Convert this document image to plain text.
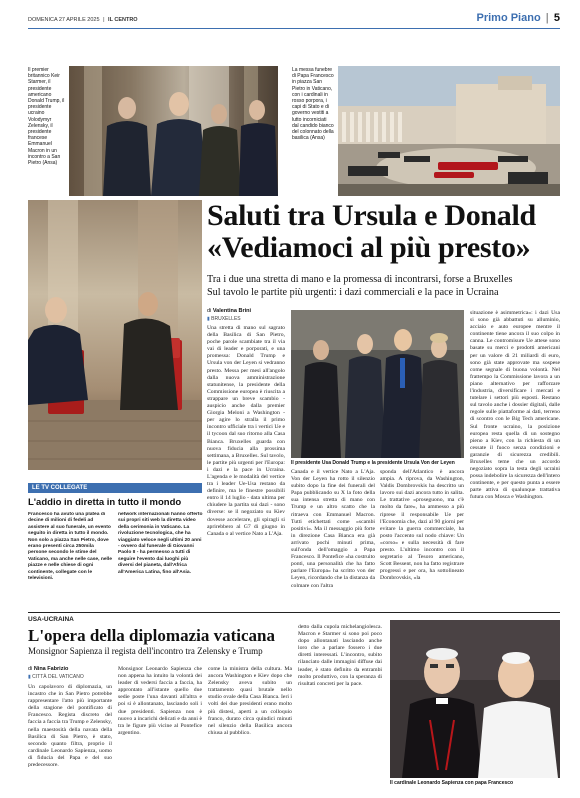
DOMENICA 27 APRILE 2025 | IL CENTRO	Primo Piano | 5
Il premier britannico Keir Starmer, il presidente americano Donald Trump, il presidente ucraino Volodymyr Zelensky, il presidente francese Emmanuel Macron in un incontro a San Pietro (Ansa)
La messa funebre di Papa Francesco in piazza San Pietro in Vaticano, con i cardinali in rosso porpora, i capi di Stato e di governo vestiti a lutto incorniciati dal candido bianco del colonnato della basilica (Ansa)
Saluti tra Ursula e Donald
«Vediamoci al più presto»
Tra i due una stretta di mano e la promessa di incontrarsi, forse a Bruxelles
Sul tavolo le partite più urgenti: i dazi commerciali e la pace in Ucraina
di Valentina Brini
▮ BRUXELLES
Una stretta di mano sul sagrato della Basilica di San Pietro, poche parole scambiate tra il via vai di leader e porporati, e una promessa: Donald Trump e Ursula von der Leyen si vedranno presto. Messa per mesi all'angolo dalla nuova amministrazione statunitense, la presidente della Commissione europea è riuscita a strappare un breve scambio - auspicio anche dalla premier Giorgia Meloni a Washington - per agire lo stralla il primo incontro ufficiale tra i vertici Ue e il tycoon dal suo ritorno alla Casa Bianca. Bruxelles guarda con nuova fiducia alla prossima settimana, a Bruxelles. Sul tavolo, le partite più urgenti per l'Europa: i dazi e la pace in Ucraina. L'agenda e le modalità del vertice tra i leader Ue-Usa restano da definire, ma le finestre possibili entro il 14 luglio - data ultima per chiudere la partita sui dazi - sono diverse: se il negoziato su Kiev dovesse accelerare, gli spiragli si aprirebbero al G7 di giugno in Canada o al vertice Nato a L'Aja.
Il presidente Usa Donald Trump e la presidente Ursula Von der Leyen
Canada e il vertice Nato a L'Aja. Von der Leyen ha rotto il silenzio subito dopo la fine dei funerali del Papa pubblicando su X la foto della sua intensa stretta di mano con Trump e un altro scatto che la ritraeva con Emmanuel Macron. Tutti etichettati come «scambi positivi». Ma il messaggio più forte in direzione Casa Bianca era già arrivato pochi minuti prima, sull'onda dell'omaggio a Papa Francesco. Il Pontefice «ha costruito ponti, una personalità che ha fatto parlare l'Europa» ha scritto von der Leyen, ricordando che la distanza da colmare con l'altra
sponda dell'Atlantico è ancora ampia. A riprova, da Washington, Valdis Dombrovskis ha descritto un lavoro sui dazi ancora tutto in salita. Le trattative «proseguono, ma c'è molto da fare», ha ammesso a più riprese il responsabile Ue per l'Economia che, dazi al 90 giorni per evitare la guerra commerciale, ha posto l'accento sul nodo chiave: Un «corso» e sulla necessità di fare presto. L'ultimo incontro con il segretario al Tesoro americano, Scott Bessent, non ha fatto registrare progressi e per ora, ha sottolineato Dombrovskis, «la
situazione è asimmetrica»: i dazi Usa si sono già abbattuti su alluminio, acciaio e auto europee mentre il continente tiene ancora il suo colpo in canna. Le contromisure Ue attese sono basate su merci e prodotti americani per un valore di 21 miliardi di euro, sono già state approvate ma sospese come segnale di buona volontà. Nel frattempo la Commissione lavora a un piano alternativo per rafforzare l'industria, diversificare i mercati e tutelare i settori più esposti. Restano sul tavolo anche i dossier digitali, dalle regole sulle piattaforme ai dati, terreno di scontro con le Big Tech americane. Sul fronte ucraino, la posizione europea resta quella di un sostegno pieno a Kiev, con la richiesta di un cessate il fuoco senza condizioni e garanzie di sicurezza credibili. Bruxelles teme che un accordo negoziato sopra la testa degli ucraini possa indebolire la sicurezza dell'intero continente, e per questo punta a essere parte attiva di qualunque trattativa futura con Mosca e Washington.
LE TV COLLEGATE
L'addio in diretta in tutto il mondo
Francesco ha avuto una platea di decine di milioni di fedeli ad assistere al suo funerale, un evento seguito in diretta in tutto il mondo. Non solo a piazza San Pietro, dove erano presenti circa 250mila persone secondo le stime del Vaticano, ma anche nelle case, nelle piazze e nelle chiese di ogni continente, collegate con le televisioni.
network internazionali hanno offerto sui propri siti web la diretta video della cerimonia in Vaticano. La rivoluzione tecnologica, che ha viaggiato veloce negli ultimi 20 anni - ovvero dal funerale di Giovanni Paolo II - ha permesso a tutti di seguire l'evento dai luoghi più diversi del pianeta, dall'Africa all'America Latina, fino all'Asia.
USA-UCRAINA
L'opera della diplomazia vaticana
Monsignor Sapienza il regista dell'incontro tra Zelensky e Trump
di Nina Fabrizio
▮ CITTÀ DEL VATICANO
Un capolavoro di diplomazia, un incastro che in San Pietro potrebbe rappresentare l'atto più importante della stagione del pontificato di Francesco. Regista discreto del faccia a faccia tra Trump e Zelensky, nella maestosità della navata della Basilica di San Pietro, è stato, secondo quanto filtra, proprio il cardinale Leonardo Sapienza, uomo di fiducia del Papa e del suo predecessore.
Monsignor Leonardo Sapienza che non appena ha intuito la volontà dei leader di vedersi faccia a faccia, ha approntato all'istante quello due sedie poste l'una davanti all'altra e poi si è allontanato, lasciando soli i due presidenti. Sapienza non è nuovo a incarichi delicati e da anni è tra le figure più vicine al Pontefice argentino.
come la ministra della cultura. Ma ancora Washington e Kiev dopo che Zelensky aveva subito un trattamento quasi brutale nello studio ovale della Casa Bianca. Ieri i volti dei due presidenti erano molto più distesi, aperti a un colloquio franco, durato circa quindici minuti nel silenzio della Basilica ancora chiusa al pubblico.
detto dalla cupola michelangiolesca. Macron e Starmer si sono poi poco dopo allontanati lasciando anche loro che a parlare fossero i due diretti interessati. L'incontro, subito rilanciato dalle immagini diffuse dai leader, è stato definito da entrambi molto produttivo, con la speranza di risultati concreti per la pace.
Il cardinale Leonardo Sapienza con papa Francesco
